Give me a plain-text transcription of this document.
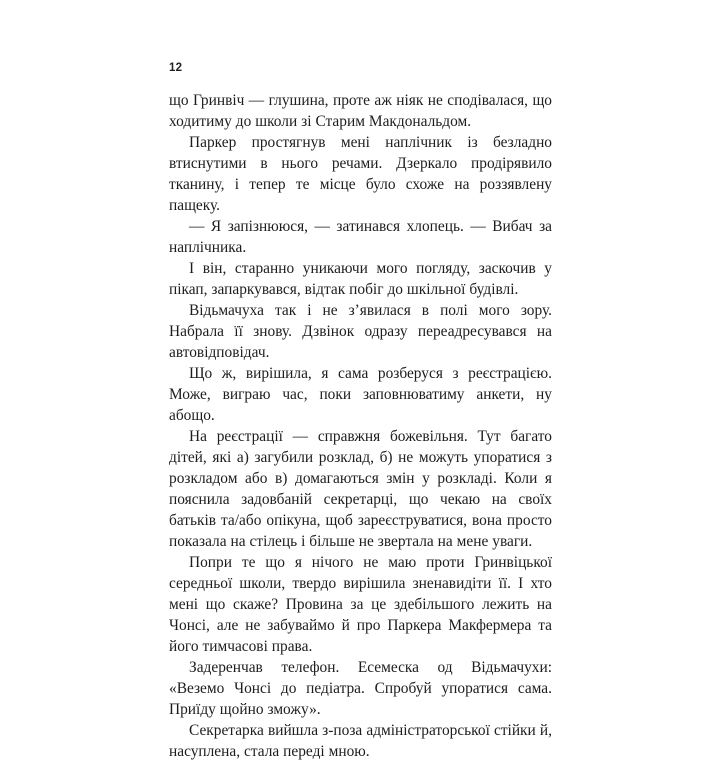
12

що Гринвіч — глушина, проте аж ніяк не сподівалася, що ходитиму до школи зі Старим Макдональдом.

Паркер простягнув мені наплічник із безладно втиснутими в нього речами. Дзеркало продірявило тканину, і тепер те місце було схоже на роззявлену пащеку.

— Я запізнююся, — затинався хлопець. — Вибач за наплічника.

І він, старанно уникаючи мого погляду, заскочив у пікап, запаркувався, відтак побіг до шкільної будівлі.

Відьмачуха так і не з’явилася в полі мого зору. Набрала її знову. Дзвінок одразу переадресувався на автовідповідач.

Що ж, вирішила, я сама розберуся з реєстрацією. Може, виграю час, поки заповнюватиму анкети, ну абощо.

На реєстрації — справжня божевільня. Тут багато дітей, які а) загубили розклад, б) не можуть упоратися з розкладом або в) домагаються змін у розкладі. Коли я пояснила задовбаній секретарці, що чекаю на своїх батьків та/або опікуна, щоб зареєструватися, вона просто показала на стілець і більше не звертала на мене уваги.

Попри те що я нічого не маю проти Гринвіцької середньої школи, твердо вирішила зненавидіти її. І хто мені що скаже? Провина за це здебільшого лежить на Чонсі, але не забуваймо й про Паркера Макфермера та його тимчасові права.

Задеренчав телефон. Есемеска од Відьмачухи: «Веземо Чонсі до педіатра. Спробуй упоратися сама. Приїду щойно зможу».

Секретарка вийшла з-поза адміністраторської стійки й, насуплена, стала переді мною.
